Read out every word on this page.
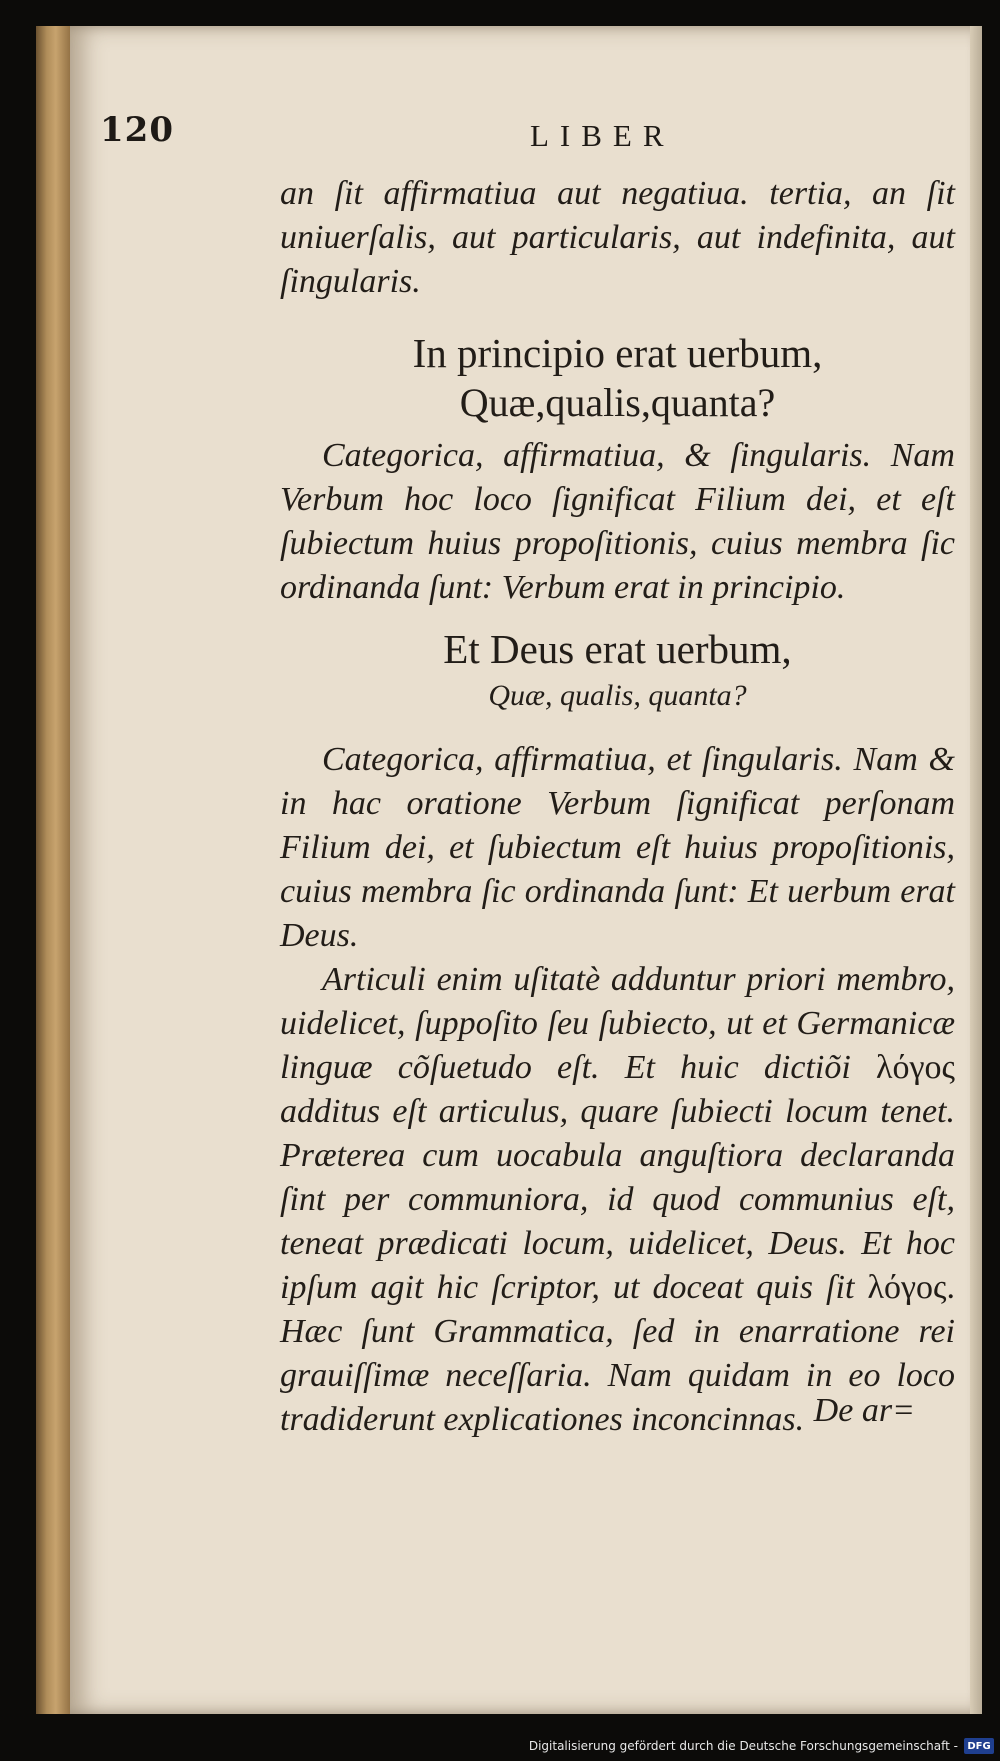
120	LIBER

an ſit affirmatiua aut negatiua. tertia, an ſit uniuerſalis, aut particularis, aut indefinita, aut ſingularis.

In principio erat uerbum,

Quæ,qualis,quanta?

Categorica, affirmatiua, & ſingularis. Nam Verbum hoc loco ſignificat Filium dei, et eſt ſubiectum huius propoſitionis, cuius membra ſic ordinanda ſunt: Verbum erat in principio.

Et Deus erat uerbum,

Quæ, qualis, quanta?

Categorica, affirmatiua, et ſingularis. Nam & in hac oratione Verbum ſignificat perſonam Filium dei, et ſubiectum eſt huius propoſitionis, cuius membra ſic ordinanda ſunt: Et uerbum erat Deus.

Articuli enim uſitatè adduntur priori membro, uidelicet, ſuppoſito ſeu ſubiecto, ut et Germanicæ linguæ cõſuetudo eſt. Et huic dictiõi λόγος additus eſt articulus, quare ſubiecti locum tenet. Præterea cum uocabula anguſtiora declaranda ſint per communiora, id quod communius eſt, teneat prædicati locum, uidelicet, Deus. Et hoc ipſum agit hic ſcriptor, ut doceat quis ſit λόγος. Hæc ſunt Grammatica, ſed in enarratione rei grauiſſimæ neceſſaria. Nam quidam in eo loco tradiderunt explicationes inconcinnas. De ar=
Digitalisierung gefördert durch die Deutsche Forschungsgemeinschaft - DFG
